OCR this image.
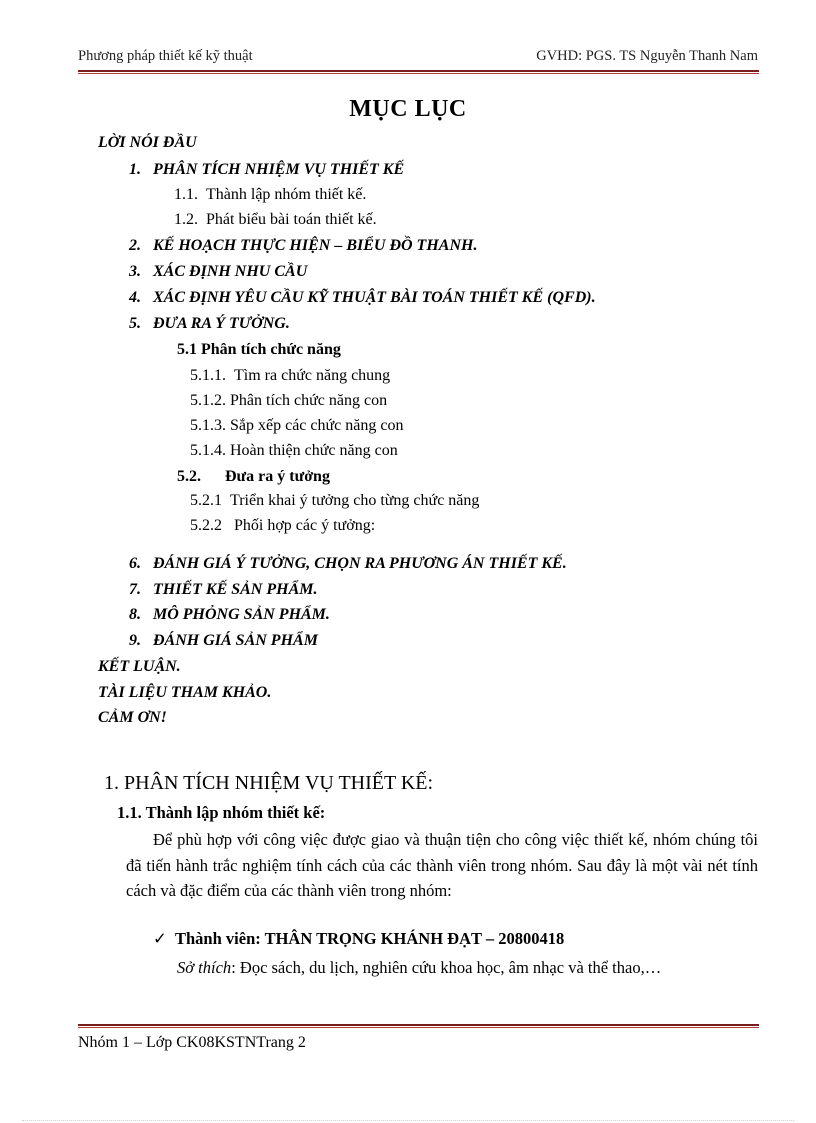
Phương pháp thiết kế kỹ thuật	GVHD: PGS. TS Nguyễn Thanh Nam
MỤC LỤC
LỜI NÓI ĐẦU
1. PHÂN TÍCH NHIỆM VỤ THIẾT KẾ
1.1. Thành lập nhóm thiết kế.
1.2. Phát biểu bài toán thiết kế.
2. KẾ HOẠCH THỰC HIỆN – BIỂU ĐỒ THANH.
3. XÁC ĐỊNH NHU CẦU
4. XÁC ĐỊNH YÊU CẦU KỸ THUẬT BÀI TOÁN THIẾT KẾ (QFD).
5. ĐƯA RA Ý TƯỞNG.
5.1 Phân tích chức năng
5.1.1. Tìm ra chức năng chung
5.1.2. Phân tích chức năng con
5.1.3. Sắp xếp các chức năng con
5.1.4. Hoàn thiện chức năng con
5.2. Đưa ra ý tưởng
5.2.1 Triển khai ý tưởng cho từng chức năng
5.2.2 Phối hợp các ý tưởng:
6. ĐÁNH GIÁ Ý TƯỞNG, CHỌN RA PHƯƠNG ÁN THIẾT KẾ.
7. THIẾT KẾ SẢN PHẨM.
8. MÔ PHỎNG SẢN PHẨM.
9. ĐÁNH GIÁ SẢN PHẨM
KẾT LUẬN.
TÀI LIỆU THAM KHẢO.
CẢM ƠN!
1. PHÂN TÍCH NHIỆM VỤ THIẾT KẾ:
1.1. Thành lập nhóm thiết kế:
Để phù hợp với công việc được giao và thuận tiện cho công việc thiết kế, nhóm chúng tôi đã tiến hành trắc nghiệm tính cách của các thành viên trong nhóm. Sau đây là một vài nét tính cách và đặc điểm của các thành viên trong nhóm:
✓ Thành viên: THÂN TRỌNG KHÁNH ĐẠT – 20800418
Sở thích: Đọc sách, du lịch, nghiên cứu khoa học, âm nhạc và thể thao,…
Nhóm 1 – Lớp CK08KSTNTrang 2
